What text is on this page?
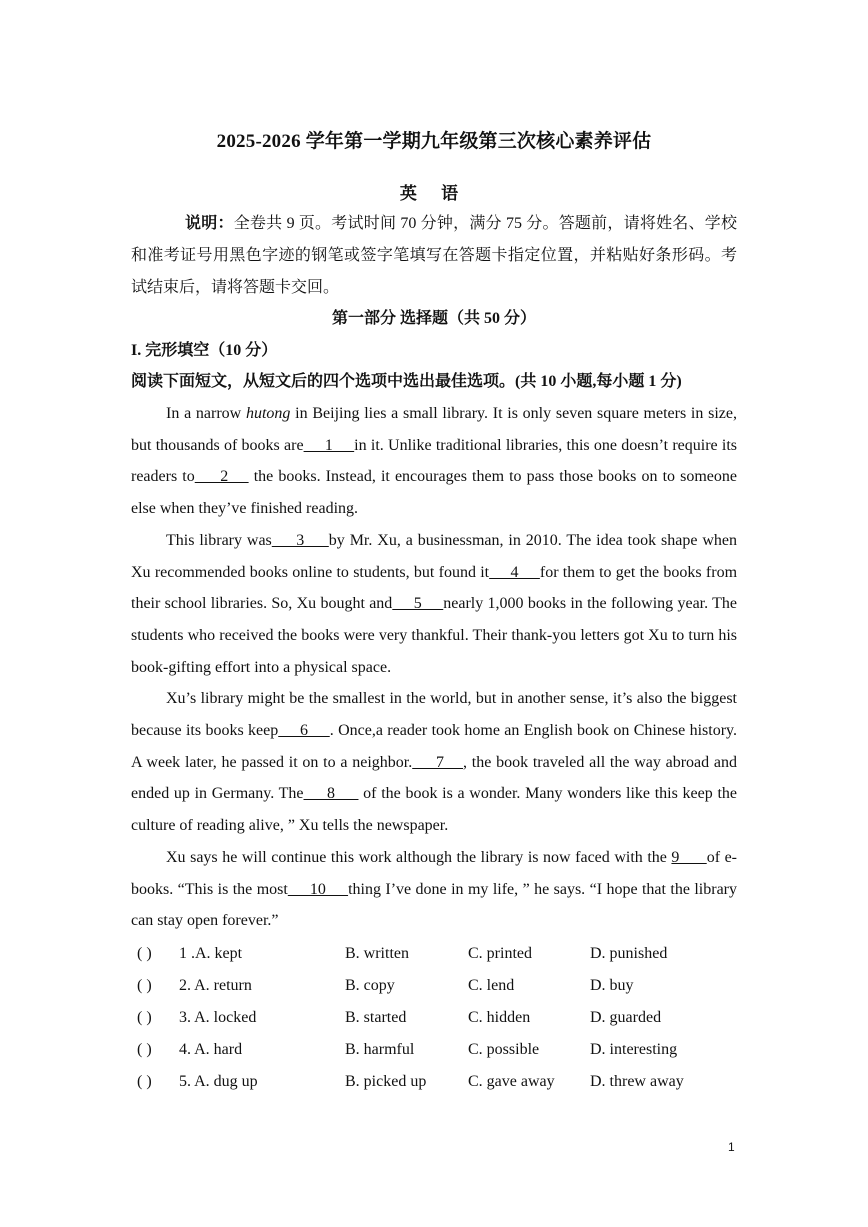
2025-2026 学年第一学期九年级第三次核心素养评估
英 语
说明：全卷共 9 页。考试时间 70 分钟，满分 75 分。答题前，请将姓名、学校和准考证号用黑色字迹的钢笔或签字笔填写在答题卡指定位置，并粘贴好条形码。考试结束后，请将答题卡交回。
第一部分 选择题（共 50 分）
I. 完形填空（10 分）
阅读下面短文，从短文后的四个选项中选出最佳选项。(共 10 小题,每小题 1 分)

In a narrow hutong in Beijing lies a small library. It is only seven square meters in size, but thousands of books are     1     in it. Unlike traditional libraries, this one doesn’t require its readers to     2     the books. Instead, it encourages them to pass those books on to someone else when they’ve finished reading.

This library was     3     by Mr. Xu, a businessman, in 2010. The idea took shape when Xu recommended books online to students, but found it     4     for them to get the books from their school libraries. So, Xu bought and     5     nearly 1,000 books in the following year. The students who received the books were very thankful. Their thank-you letters got Xu to turn his book-gifting effort into a physical space.

Xu’s library might be the smallest in the world, but in another sense, it’s also the biggest because its books keep     6     . Once,a reader took home an English book on Chinese history. A week later, he passed it on to a neighbor.     7    , the book traveled all the way abroad and ended up in Germany. The     8      of the book is a wonder. Many wonders like this keep the culture of reading alive, ” Xu tells the newspaper.

Xu says he will continue this work although the library is now faced with the 9      of e-books. “This is the most     10     thing I’ve done in my life, ” he says. “I hope that the library can stay open forever.”

( ) 1 .A. kept	B. written	C. printed	D. punished
( ) 2. A. return	B. copy	C. lend	D. buy
( ) 3. A. locked	B. started	C. hidden	D. guarded
( ) 4. A. hard	B. harmful	C. possible	D. interesting
( ) 5. A. dug up	B. picked up	C. gave away D. threw away
1
